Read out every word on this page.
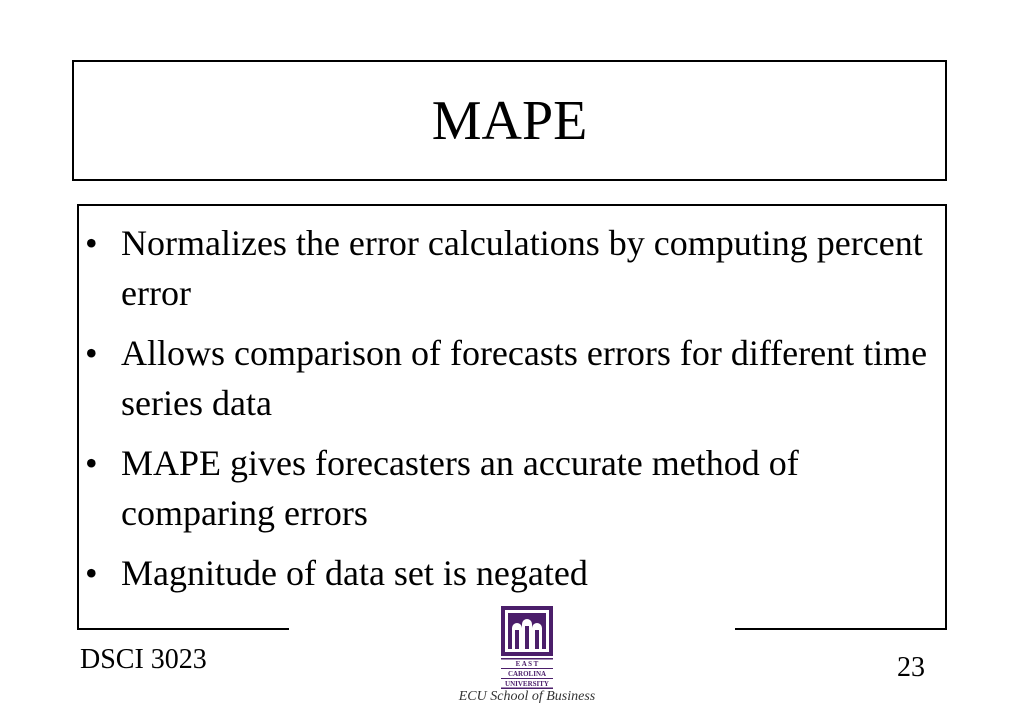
MAPE
• Normalizes the error calculations by computing percent error
• Allows comparison of forecasts errors for different time series data
• MAPE gives forecasters an accurate method of comparing errors
• Magnitude of data set is negated
DSCI 3023	23
E A S T
CAROLINA
UNIVERSITY
ECU School of Business
